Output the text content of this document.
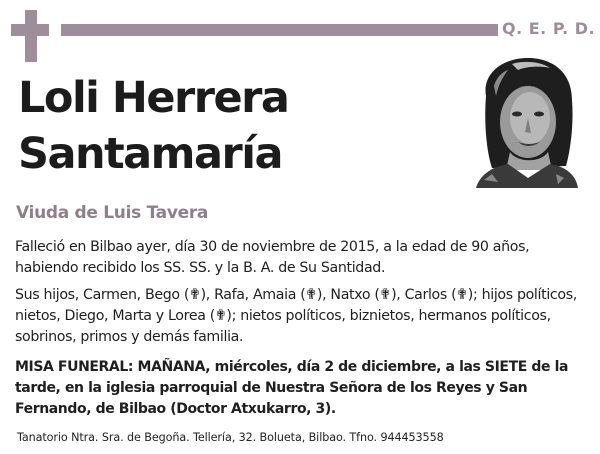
Q. E. P. D.
Loli Herrera
Santamaría
Viuda de Luis Tavera

Falleció en Bilbao ayer, día 30 de noviembre de 2015, a la edad de 90 años, habiendo recibido los SS. SS. y la B. A. de Su Santidad.

Sus hijos, Carmen, Bego (✟), Rafa, Amaia (✟), Natxo (✟), Carlos (✟); hijos políticos, nietos, Diego, Marta y Lorea (✟); nietos políticos, biznietos, hermanos políticos, sobrinos, primos y demás familia.

MISA FUNERAL: MAÑANA, miércoles, día 2 de diciembre, a las SIETE de la tarde, en la iglesia parroquial de Nuestra Señora de los Reyes y San Fernando, de Bilbao (Doctor Atxukarro, 3).

Tanatorio Ntra. Sra. de Begoña. Tellería, 32. Bolueta, Bilbao. Tfno. 944453558
